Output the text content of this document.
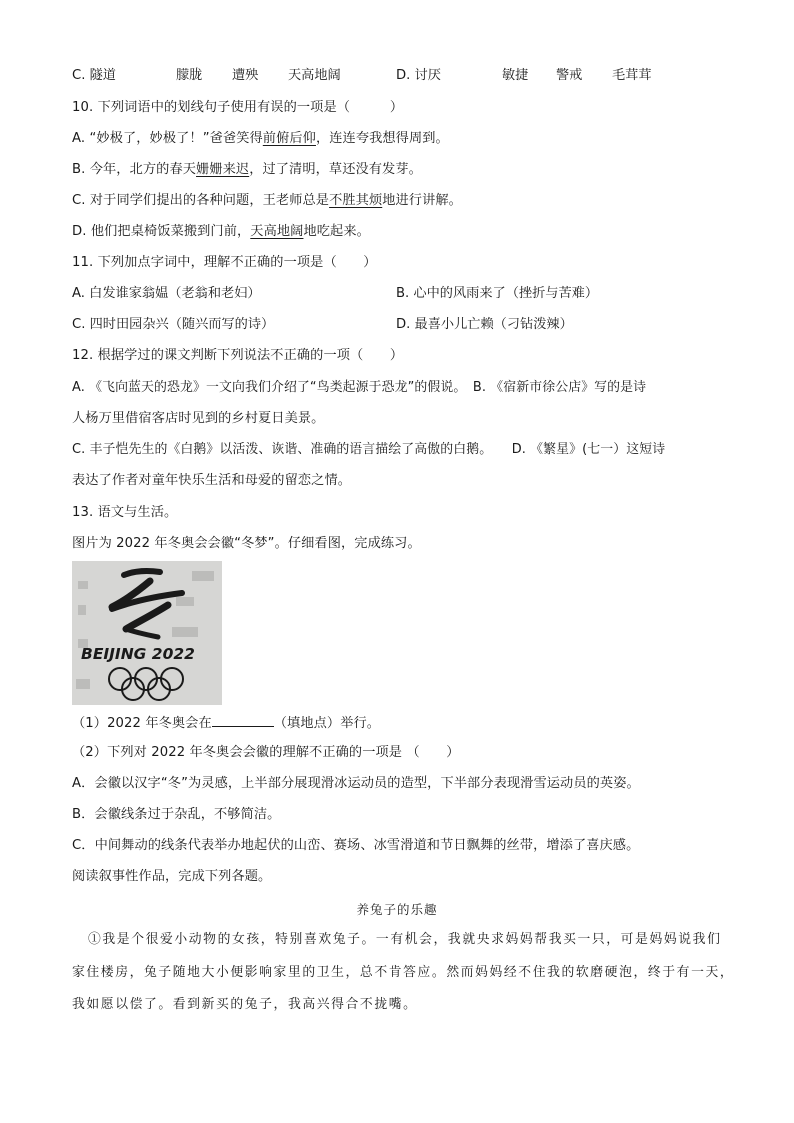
C. 隧道	朦胧 遭殃 天高地阔	D. 讨厌	敏捷 警戒 毛茸茸
10. 下列词语中的划线句子使用有误的一项是（　　　）
A. “妙极了，妙极了！”爸爸笑得前俯后仰，连连夸我想得周到。
B. 今年，北方的春天姗姗来迟，过了清明，草还没有发芽。
C. 对于同学们提出的各种问题，王老师总是不胜其烦地进行讲解。
D. 他们把桌椅饭菜搬到门前，天高地阔地吃起来。
11. 下列加点字词中，理解不正确的一项是（　　）
A. 白发谁家翁媪（老翁和老妇）	B. 心中的风雨来了（挫折与苦难）
C. 四时田园杂兴（随兴而写的诗）	D. 最喜小儿亡赖（刁钻泼辣）
12. 根据学过的课文判断下列说法不正确的一项（　　）
A. 《飞向蓝天的恐龙》一文向我们介绍了“鸟类起源于恐龙”的假说。　B. 《宿新市徐公店》写的是诗
人杨万里借宿客店时见到的乡村夏日美景。
C. 丰子恺先生的《白鹅》以活泼、诙谐、准确的语言描绘了高傲的白鹅。　　D. 《繁星》(七一）这短诗
表达了作者对童年快乐生活和母爱的留恋之情。
13. 语文与生活。
图片为 2022 年冬奥会会徽“冬梦”。仔细看图，完成练习。
BEIJING 2022
（1）2022 年冬奥会在	（填地点）举行。
（2）下列对 2022 年冬奥会会徽的理解不正确的一项是 （　　）
A．会徽以汉字“冬”为灵感，上半部分展现滑冰运动员的造型，下半部分表现滑雪运动员的英姿。
B．会徽线条过于杂乱，不够简洁。
C．中间舞动的线条代表举办地起伏的山峦、赛场、冰雪滑道和节日飘舞的丝带，增添了喜庆感。
阅读叙事性作品，完成下列各题。
养兔子的乐趣
①我是个很爱小动物的女孩，特别喜欢兔子。一有机会，我就央求妈妈帮我买一只，可是妈妈说我们
家住楼房，兔子随地大小便影响家里的卫生，总不肯答应。然而妈妈经不住我的软磨硬泡，终于有一天，
我如愿以偿了。看到新买的兔子，我高兴得合不拢嘴。
